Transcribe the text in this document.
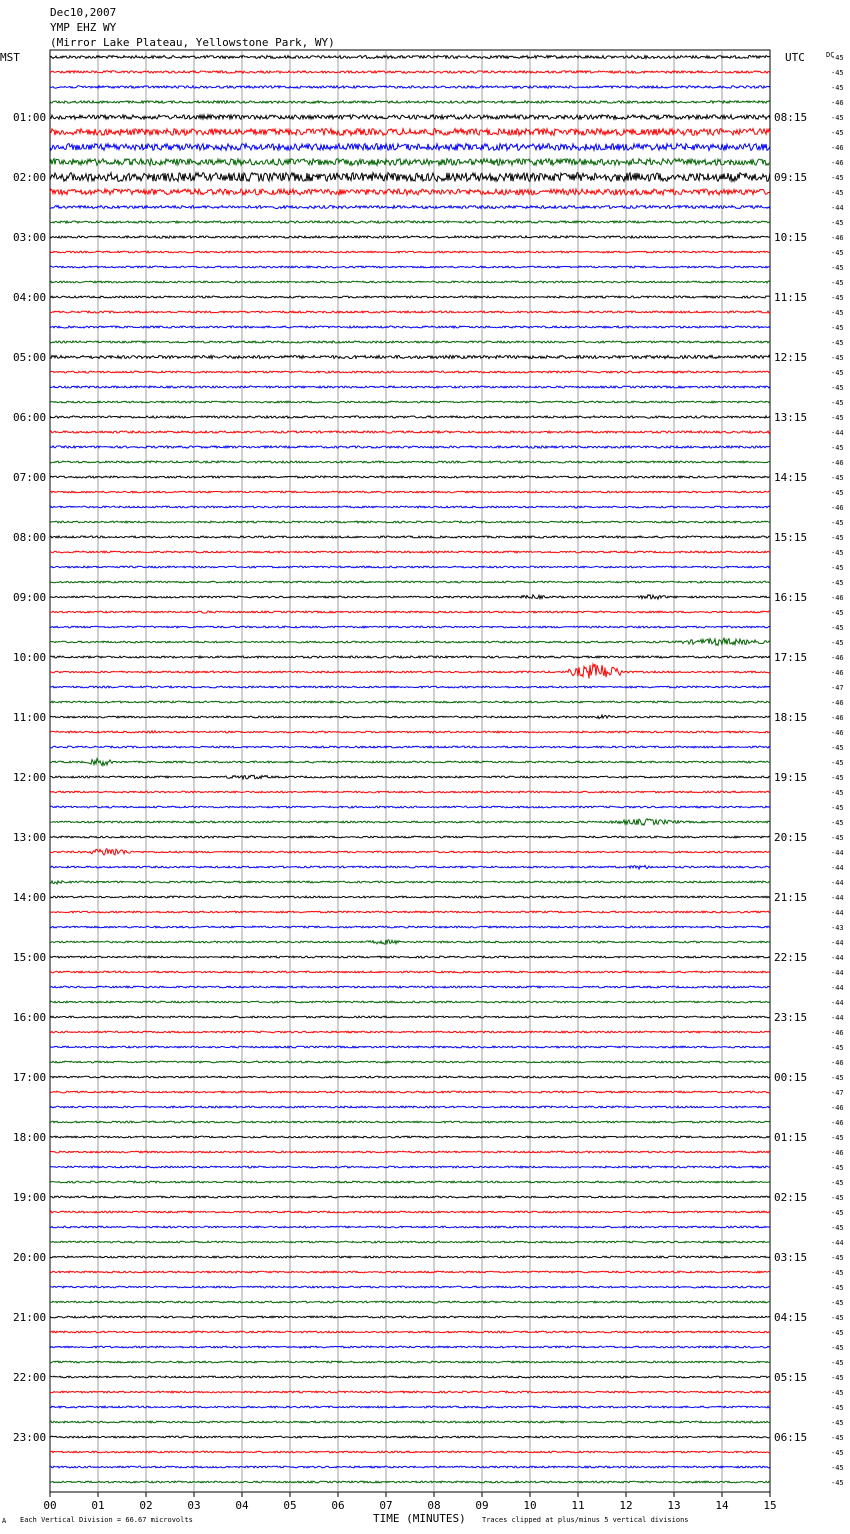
Dec10,2007
YMP EHZ WY
(Mirror Lake Plateau, Yellowstone Park, WY)
MST	UTC	DC
01:00
02:00
03:00
04:00
05:00
06:00
07:00
08:00
09:00
10:00
11:00
12:00
13:00
14:00
15:00
16:00
17:00
18:00
19:00
20:00
21:00
22:00
23:00
08:15
09:15
10:15
11:15
12:15
13:15
14:15
15:15
16:15
17:15
18:15
19:15
20:15
21:15
22:15
23:15
00:15
01:15
02:15
03:15
04:15
05:15
06:15
-45
-45
-45
-46
-45
-45
-46
-46
-45
-45
-44
-45
-46
-45
-45
-45
-45
-45
-45
-45
-45
-45
-45
-45
-45
-44
-45
-46
-45
-45
-46
-45
-45
-45
-45
-45
-46
-45
-45
-45
-46
-46
-47
-46
-46
-46
-45
-45
-45
-45
-45
-45
-45
-44
-44
-44
-44
-44
-43
-44
-44
-44
-44
-44
-44
-46
-45
-46
-45
-47
-46
-46
-45
-46
-45
-45
-45
-45
-45
-44
-45
-45
-45
-45
-45
-45
-45
-45
-45
-45
-45
-45
-45
-45
-45
-45
00	01	02	03	04	05	06	07	08	09	10	11	12	13	14	15
A Each Vertical Division = 66.67 microvolts	TIME (MINUTES) Traces clipped at plus/minus 5 vertical divisions
